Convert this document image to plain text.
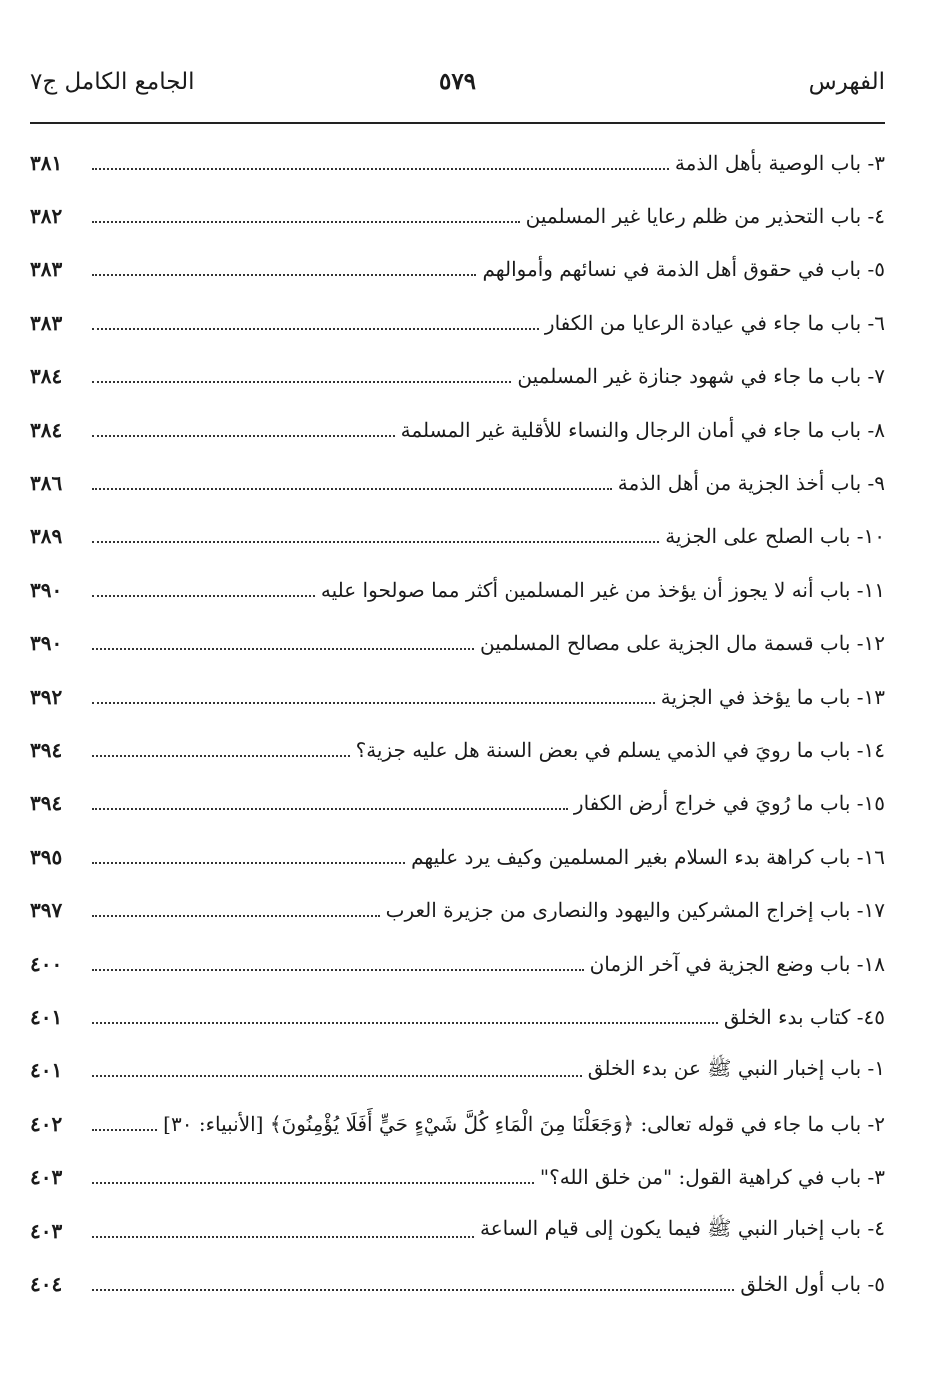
الفهرس
٥٧٩
الجامع الكامل ج٧
٣- باب الوصية بأهل الذمة
٣٨١
٤- باب التحذير من ظلم رعايا غير المسلمين
٣٨٢
٥- باب في حقوق أهل الذمة في نسائهم وأموالهم
٣٨٣
٦- باب ما جاء في عيادة الرعايا من الكفار
٣٨٣
٧- باب ما جاء في شهود جنازة غير المسلمين
٣٨٤
٨- باب ما جاء في أمان الرجال والنساء للأقلية غير المسلمة
٣٨٤
٩- باب أخذ الجزية من أهل الذمة
٣٨٦
١٠- باب الصلح على الجزية
٣٨٩
١١- باب أنه لا يجوز أن يؤخذ من غير المسلمين أكثر مما صولحوا عليه
٣٩٠
١٢- باب قسمة مال الجزية على مصالح المسلمين
٣٩٠
١٣- باب ما يؤخذ في الجزية
٣٩٢
١٤- باب ما رويَ في الذمي يسلم في بعض السنة هل عليه جزية؟
٣٩٤
١٥- باب ما رُويَ في خراج أرض الكفار
٣٩٤
١٦- باب كراهة بدء السلام بغير المسلمين وكيف يرد عليهم
٣٩٥
١٧- باب إخراج المشركين واليهود والنصارى من جزيرة العرب
٣٩٧
١٨- باب وضع الجزية في آخر الزمان
٤٠٠
٤٥- كتاب بدء الخلق
٤٠١
١- باب إخبار النبي ﷺ عن بدء الخلق
٤٠١
٢- باب ما جاء في قوله تعالى: ﴿وَجَعَلْنَا مِنَ الْمَاءِ كُلَّ شَيْءٍ حَيٍّ أَفَلَا يُؤْمِنُونَ﴾ [الأنبياء: ٣٠]
٤٠٢
٣- باب في كراهية القول: "من خلق الله؟"
٤٠٣
٤- باب إخبار النبي ﷺ فيما يكون إلى قيام الساعة
٤٠٣
٥- باب أول الخلق
٤٠٤
